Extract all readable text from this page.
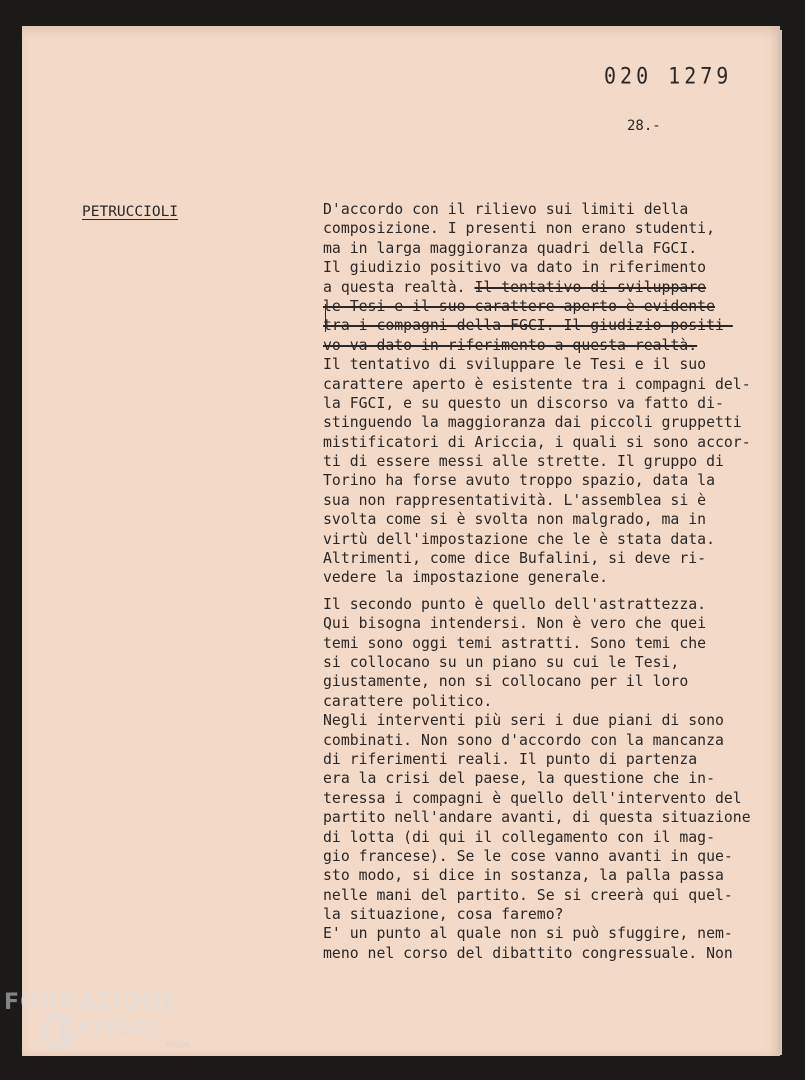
020 1279
28.-
PETRUCCIOLI	D'accordo con il rilievo sui limiti della
composizione. I presenti non erano studenti,
ma in larga maggioranza quadri della FGCI.
Il giudizio positivo va dato in riferimento
a questa realtà. Il tentativo di sviluppare
le Tesi e il suo carattere aperto è evidente
tra i compagni della FGCI. Il giudizio positi-
vo va dato in riferimento a questa realtà.
Il tentativo di sviluppare le Tesi e il suo
carattere aperto è esistente tra i compagni del-
la FGCI, e su questo un discorso va fatto di-
stinguendo la maggioranza dai piccoli gruppetti
mistificatori di Ariccia, i quali si sono accor-
ti di essere messi alle strette. Il gruppo di
Torino ha forse avuto troppo spazio, data la
sua non rappresentatività. L'assemblea si è
svolta come si è svolta non malgrado, ma in
virtù dell'impostazione che le è stata data.
Altrimenti, come dice Bufalini, si deve ri-
vedere la impostazione generale.
Il secondo punto è quello dell'astrattezza.
Qui bisogna intendersi. Non è vero che quei
temi sono oggi temi astratti. Sono temi che
si collocano su un piano su cui le Tesi,
giustamente, non si collocano per il loro
carattere politico.
Negli interventi più seri i due piani di sono
combinati. Non sono d'accordo con la mancanza
di riferimenti reali. Il punto di partenza
era la crisi del paese, la questione che in-
teressa i compagni è quello dell'intervento del
partito nell'andare avanti, di questa situazione
di lotta (di qui il collegamento con il mag-
gio francese). Se le cose vanno avanti in que-
sto modo, si dice in sostanza, la palla passa
nelle mani del partito. Se si creerà qui quel-
la situazione, cosa faremo?
E' un punto al quale non si può sfuggire, nem-
meno nel corso del dibattito congressuale. Non
FONDAZIONE
RAMSCI
onlus
